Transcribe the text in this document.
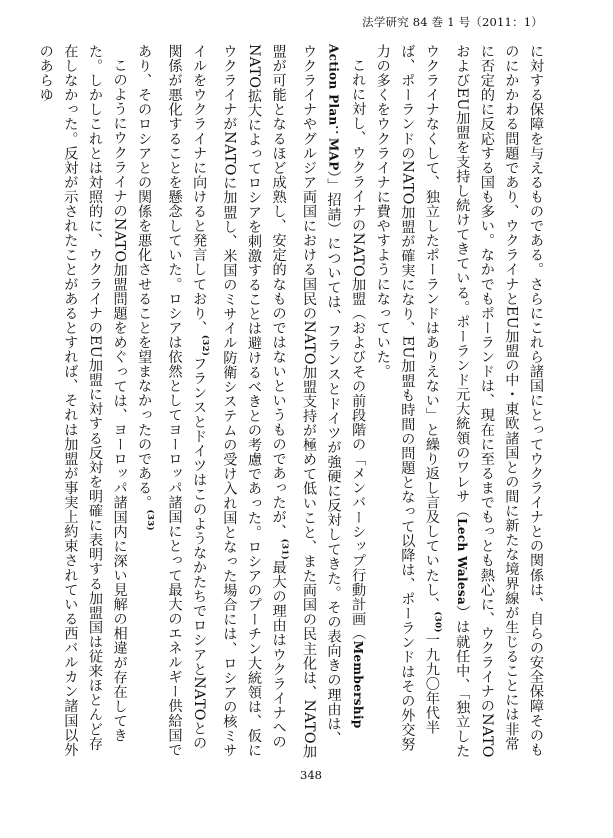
法学研究 84 巻 1 号（2011：1）

に対する保障を与えるものである。さらにこれら諸国にとってウクライナとの関係は、自らの安全保障そのものにかかわる問題であり、ウクライナとEU加盟の中・東欧諸国との間に新たな境界線が生じることには非常に否定的に反応する国も多い。なかでもポーランドは、現在に至るまでもっとも熱心に、ウクライナのNATOおよびEU加盟を支持し続けてきている。ポーランド元大統領のワレサ（Lech Walesa）は就任中、「独立したウクライナなくして、独立したポーランドはありえない」と繰り返し言及していたし、$^{(30)}$一九九〇年代半ば、ポーランドのNATO加盟が確実になり、EU加盟も時間の問題となって以降は、ポーランドはその外交努力の多くをウクライナに費やすようになっていた。

これに対し、ウクライナのNATO加盟（およびその前段階の「メンバーシップ行動計画（Membership Action Plan：MAP）」招請）については、フランスとドイツが強硬に反対してきた。その表向きの理由は、ウクライナやグルジア両国における国民のNATO加盟支持が極めて低いこと、また両国の民主化は、NATO加盟が可能となるほど成熟し、安定的なものではないというものであったが、$^{(31)}$最大の理由はウクライナへのNATO拡大によってロシアを刺激することは避けるべきとの考慮であった。ロシアのプーチン大統領は、仮にウクライナがNATOに加盟し、米国のミサイル防衛システムの受け入れ国となった場合には、ロシアの核ミサイルをウクライナに向けると発言しており、$^{(32)}$フランスとドイツはこのようなかたちでロシアとNATOとの関係が悪化することを懸念していた。ロシアは依然としてヨーロッパ諸国にとって最大のエネルギー供給国であり、そのロシアとの関係を悪化させることを望まなかったのである。$^{(33)}$

このようにウクライナのNATO加盟問題をめぐっては、ヨーロッパ諸国内に深い見解の相違が存在してきた。しかしこれとは対照的に、ウクライナのEU加盟に対する反対を明確に表明する加盟国は従来ほとんど存在しなかった。反対が示されたことがあるとすれば、それは加盟が事実上約束されている西バルカン諸国以外のあらゆ

348
